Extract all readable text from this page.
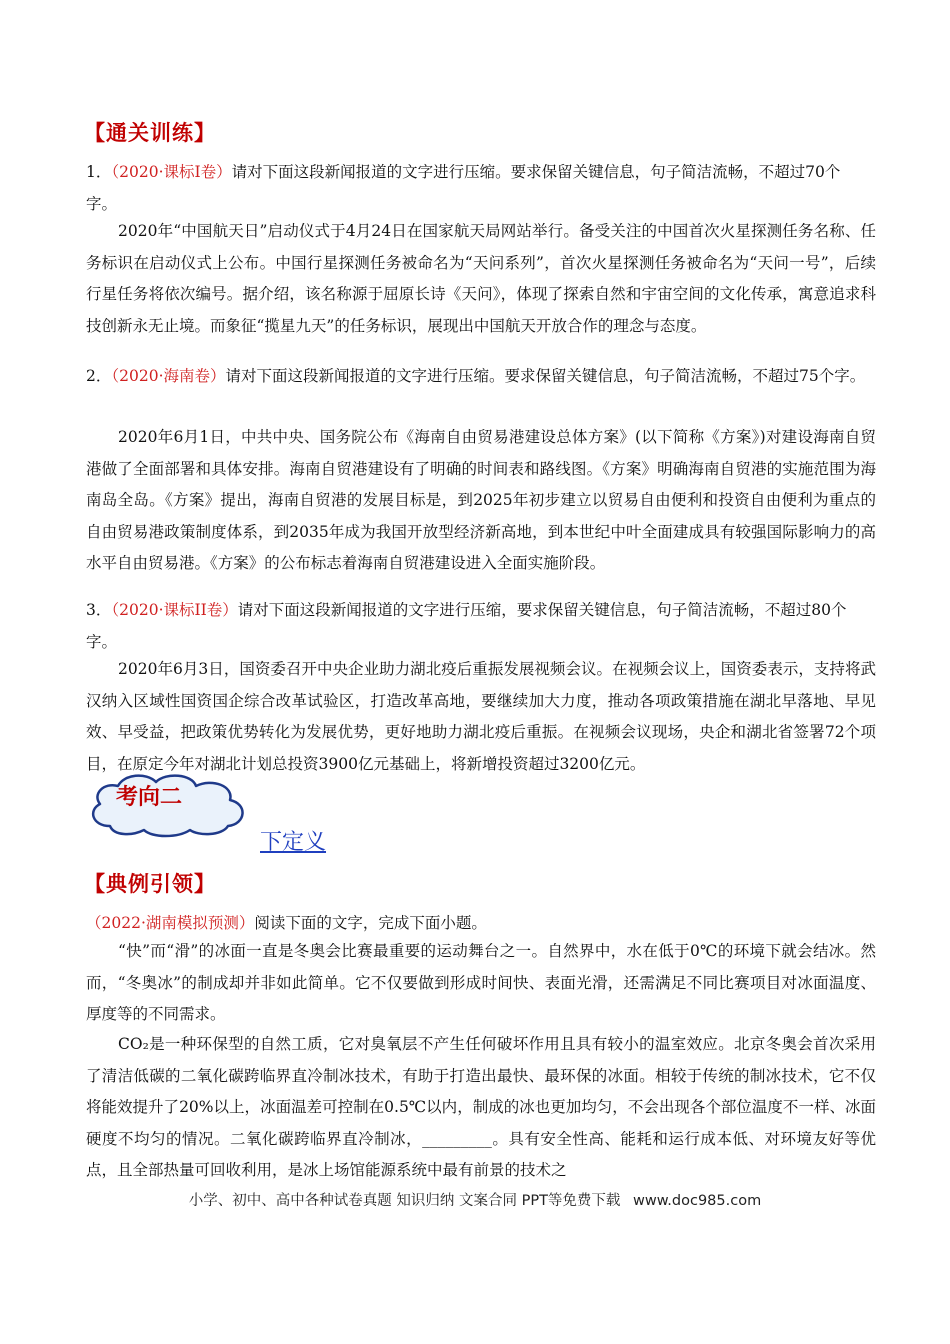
【通关训练】
1．（2020·课标I卷）请对下面这段新闻报道的文字进行压缩。要求保留关键信息，句子简洁流畅，不超过70个字。
2020年“中国航天日”启动仪式于4月24日在国家航天局网站举行。备受关注的中国首次火星探测任务名称、任务标识在启动仪式上公布。中国行星探测任务被命名为“天问系列”，首次火星探测任务被命名为“天问一号”，后续行星任务将依次编号。据介绍，该名称源于屈原长诗《天问》，体现了探索自然和宇宙空间的文化传承，寓意追求科技创新永无止境。而象征“揽星九天”的任务标识，展现出中国航天开放合作的理念与态度。
2．（2020·海南卷）请对下面这段新闻报道的文字进行压缩。要求保留关键信息，句子简洁流畅，不超过75个字。
2020年6月1日，中共中央、国务院公布《海南自由贸易港建设总体方案》(以下简称《方案》)对建设海南自贸港做了全面部署和具体安排。海南自贸港建设有了明确的时间表和路线图。《方案》明确海南自贸港的实施范围为海南岛全岛。《方案》提出，海南自贸港的发展目标是，到2025年初步建立以贸易自由便利和投资自由便利为重点的自由贸易港政策制度体系，到2035年成为我国开放型经济新高地，到本世纪中叶全面建成具有较强国际影响力的高水平自由贸易港。《方案》的公布标志着海南自贸港建设进入全面实施阶段。
3．（2020·课标II卷）请对下面这段新闻报道的文字进行压缩，要求保留关键信息，句子简洁流畅，不超过80个字。
2020年6月3日，国资委召开中央企业助力湖北疫后重振发展视频会议。在视频会议上，国资委表示，支持将武汉纳入区域性国资国企综合改革试验区，打造改革高地，要继续加大力度，推动各项政策措施在湖北早落地、早见效、早受益，把政策优势转化为发展优势，更好地助力湖北疫后重振。在视频会议现场，央企和湖北省签署72个项目，在原定今年对湖北计划总投资3900亿元基础上，将新增投资超过3200亿元。
考向二
下定义
【典例引领】
（2022·湖南模拟预测）阅读下面的文字，完成下面小题。
“快”而“滑”的冰面一直是冬奥会比赛最重要的运动舞台之一。自然界中，水在低于0℃的环境下就会结冰。然而，“冬奥冰”的制成却并非如此简单。它不仅要做到形成时间快、表面光滑，还需满足不同比赛项目对冰面温度、厚度等的不同需求。
CO₂是一种环保型的自然工质，它对臭氧层不产生任何破坏作用且具有较小的温室效应。北京冬奥会首次采用了清洁低碳的二氧化碳跨临界直冷制冰技术，有助于打造出最快、最环保的冰面。相较于传统的制冰技术，它不仅将能效提升了20%以上，冰面温差可控制在0.5℃以内，制成的冰也更加均匀，不会出现各个部位温度不一样、冰面硬度不均匀的情况。二氧化碳跨临界直冷制冰，_________。具有安全性高、能耗和运行成本低、对环境友好等优点，且全部热量可回收利用，是冰上场馆能源系统中最有前景的技术之
小学、初中、高中各种试卷真题 知识归纳 文案合同 PPT等免费下载 www.doc985.com
